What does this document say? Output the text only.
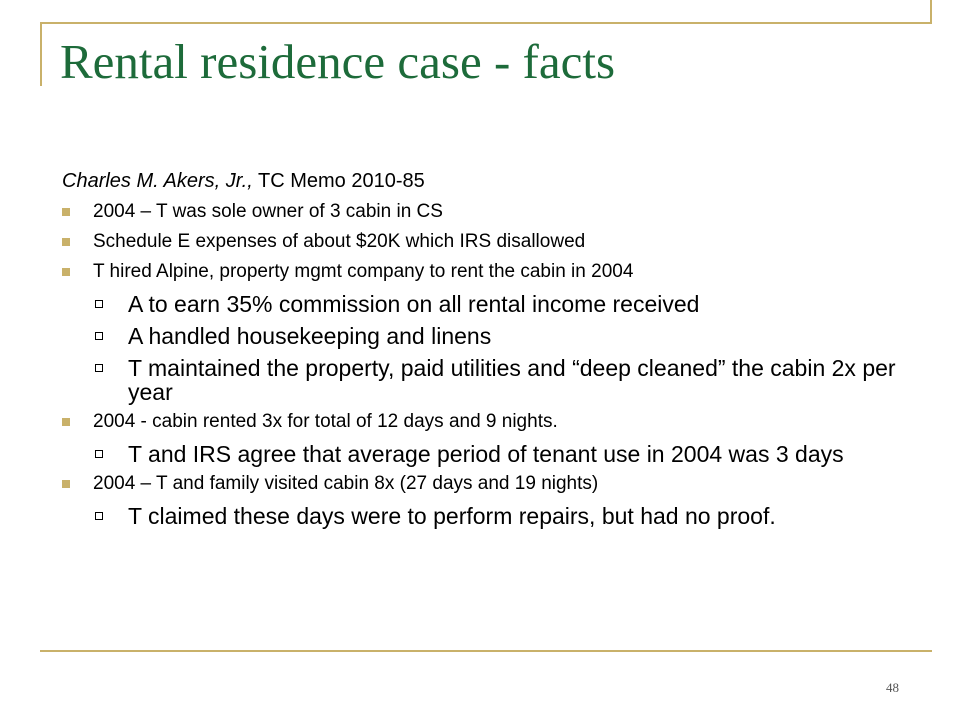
Rental residence case - facts
Charles M. Akers, Jr., TC Memo 2010-85
2004 – T was sole owner of 3 cabin in CS
Schedule E expenses of about $20K which IRS disallowed
T hired Alpine, property mgmt company to rent the cabin in 2004
A to earn 35% commission on all rental income received
A handled housekeeping and linens
T maintained the property, paid utilities and “deep cleaned” the cabin 2x per year
2004 - cabin rented 3x for total of 12 days and 9 nights.
T and IRS agree that average period of tenant use in 2004 was 3 days
2004 – T and family visited cabin 8x (27 days and 19 nights)
T claimed these days were to perform repairs, but had no proof.
48
